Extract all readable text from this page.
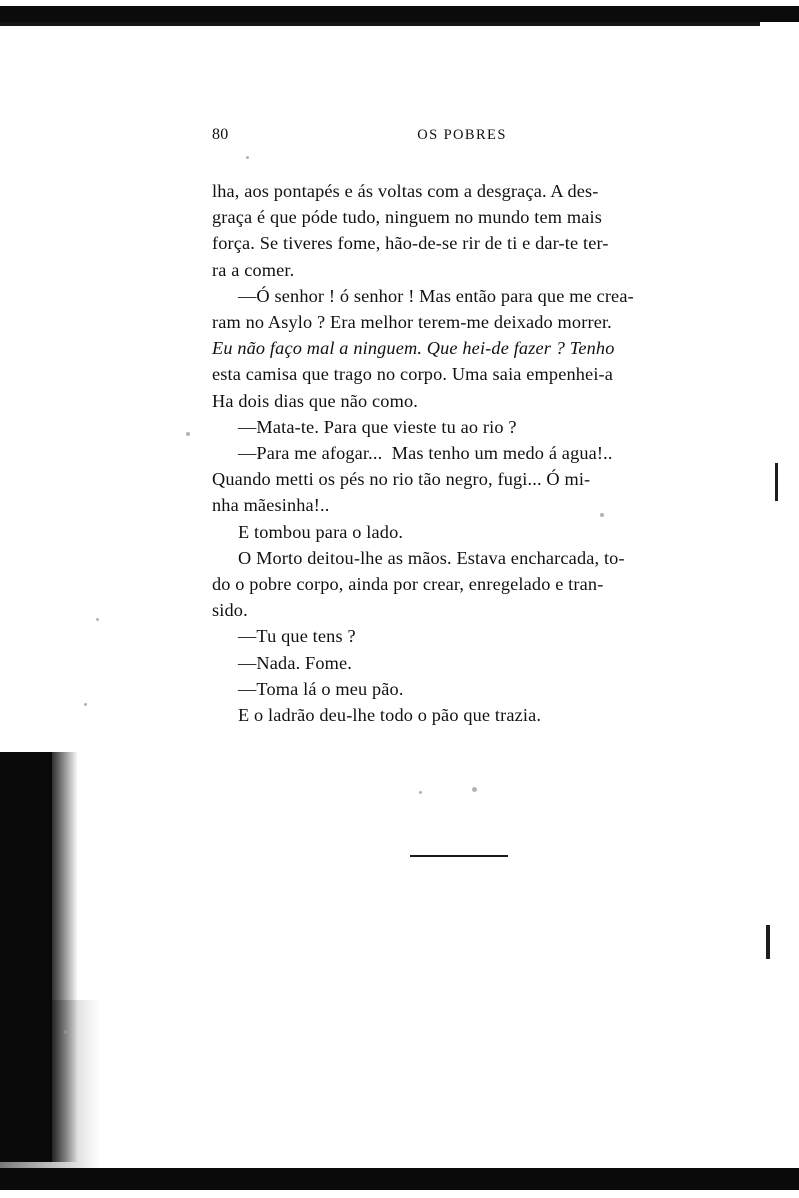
80	OS POBRES
lha, aos pontapés e ás voltas com a desgraça. A des-
graça é que póde tudo, ninguem no mundo tem mais
força. Se tiveres fome, hão-de-se rir de ti e dar-te ter-
ra a comer.
—Ó senhor ! ó senhor ! Mas então para que me crea-
ram no Asylo ? Era melhor terem-me deixado morrer.
Eu não faço mal a ninguem. Que hei-de fazer ? Tenho
esta camisa que trago no corpo. Uma saia empenhei-a
Ha dois dias que não como.
—Mata-te. Para que vieste tu ao rio ?
—Para me afogar...  Mas tenho um medo á agua!..
Quando metti os pés no rio tão negro, fugi... Ó mi-
nha mãesinha!..
E tombou para o lado.
O Morto deitou-lhe as mãos. Estava encharcada, to-
do o pobre corpo, ainda por crear, enregelado e tran-
sido.
—Tu que tens ?
—Nada. Fome.
—Toma lá o meu pão.
E o ladrão deu-lhe todo o pão que trazia.
